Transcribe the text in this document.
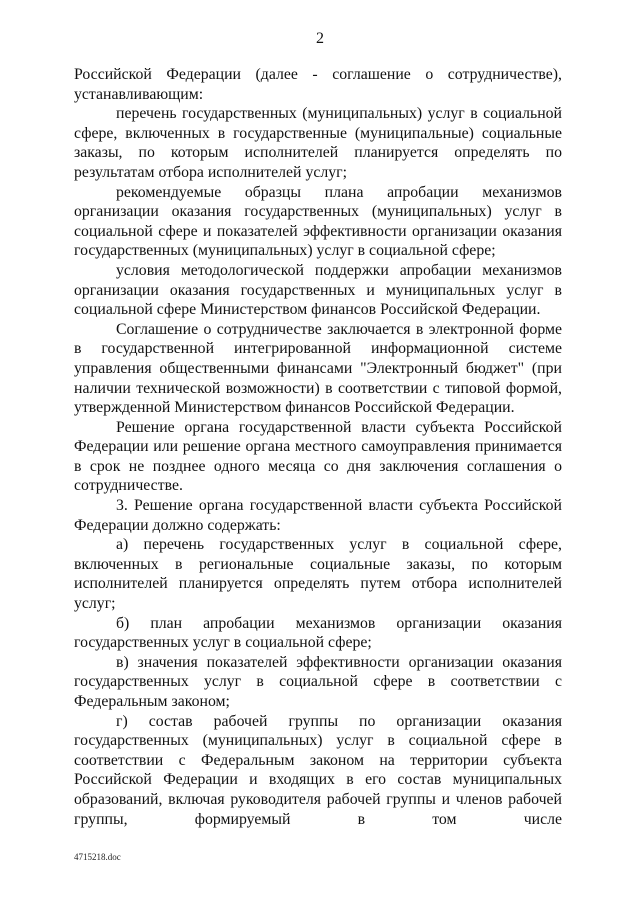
2

Российской Федерации (далее - соглашение о сотрудничестве), устанавливающим:

перечень государственных (муниципальных) услуг в социальной сфере, включенных в государственные (муниципальные) социальные заказы, по которым исполнителей планируется определять по результатам отбора исполнителей услуг;

рекомендуемые образцы плана апробации механизмов организации оказания государственных (муниципальных) услуг в социальной сфере и показателей эффективности организации оказания государственных (муниципальных) услуг в социальной сфере;

условия методологической поддержки апробации механизмов организации оказания государственных и муниципальных услуг в социальной сфере Министерством финансов Российской Федерации.

Соглашение о сотрудничестве заключается в электронной форме в государственной интегрированной информационной системе управления общественными финансами "Электронный бюджет" (при наличии технической возможности) в соответствии с типовой формой, утвержденной Министерством финансов Российской Федерации.

Решение органа государственной власти субъекта Российской Федерации или решение органа местного самоуправления принимается в срок не позднее одного месяца со дня заключения соглашения о сотрудничестве.

3. Решение органа государственной власти субъекта Российской Федерации должно содержать:

а) перечень государственных услуг в социальной сфере, включенных в региональные социальные заказы, по которым исполнителей планируется определять путем отбора исполнителей услуг;

б) план апробации механизмов организации оказания государственных услуг в социальной сфере;

в) значения показателей эффективности организации оказания государственных услуг в социальной сфере в соответствии с Федеральным законом;

г) состав рабочей группы по организации оказания государственных (муниципальных) услуг в социальной сфере в соответствии с Федеральным законом на территории субъекта Российской Федерации и входящих в его состав муниципальных образований, включая руководителя рабочей группы и членов рабочей группы, формируемый в том числе

4715218.doc
